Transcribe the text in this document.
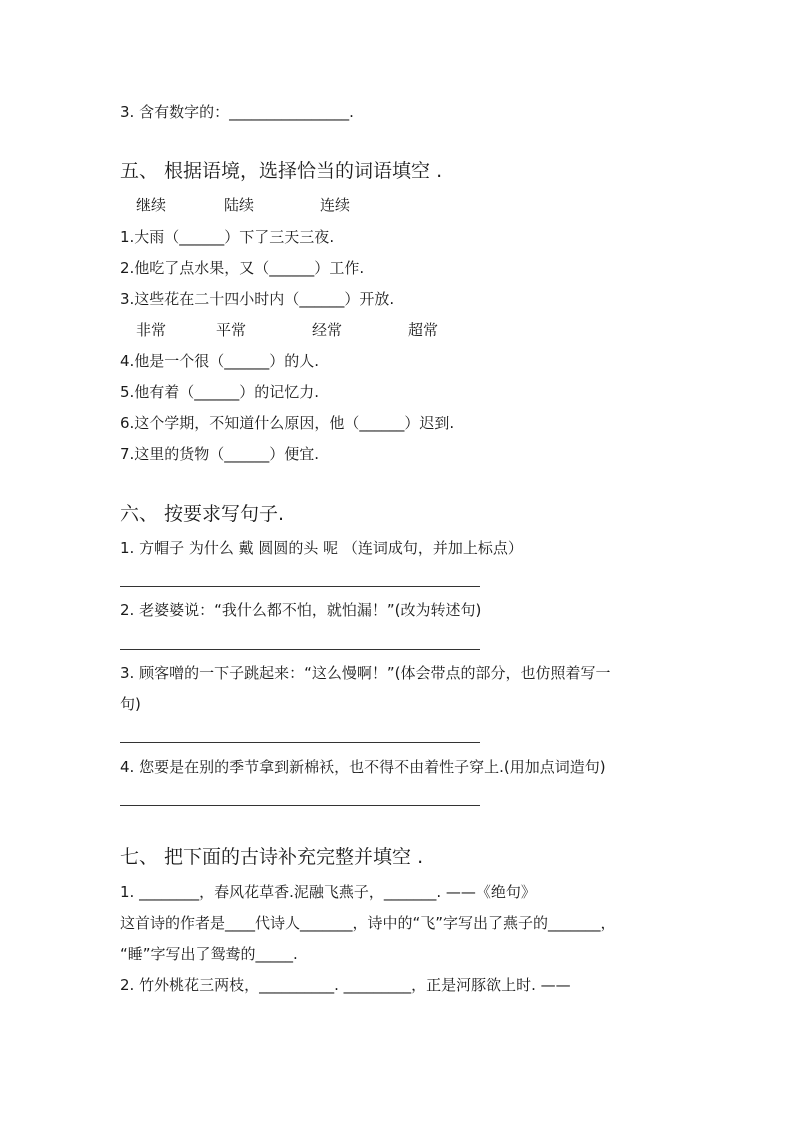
3. 含有数字的：________________.
五、 根据语境，选择恰当的词语填空 .
继续	陆续	连续
1.大雨（______）下了三天三夜.
2.他吃了点水果，又（______）工作.
3.这些花在二十四小时内（______）开放.
非常	平常	经常	超常
4.他是一个很（______）的人.
5.他有着（______）的记忆力.
6.这个学期，不知道什么原因，他（______）迟到.
7.这里的货物（______）便宜.
六、 按要求写句子.
1. 方帽子 为什么 戴 圆圆的头 呢 （连词成句，并加上标点）
2. 老婆婆说：“我什么都不怕，就怕漏！”(改为转述句)
3. 顾客噌的一下子跳起来：“这么慢啊！”(体会带点的部分，也仿照着写一
句)
4. 您要是在别的季节拿到新棉袄，也不得不由着性子穿上.(用加点词造句)
七、 把下面的古诗补充完整并填空 .
1. ________，春风花草香.泥融飞燕子，_______. ——《绝句》
这首诗的作者是____代诗人_______，诗中的“飞”字写出了燕子的_______，
“睡”字写出了鸳鸯的_____.
2. 竹外桃花三两枝，__________. _________，正是河豚欲上时. ——
